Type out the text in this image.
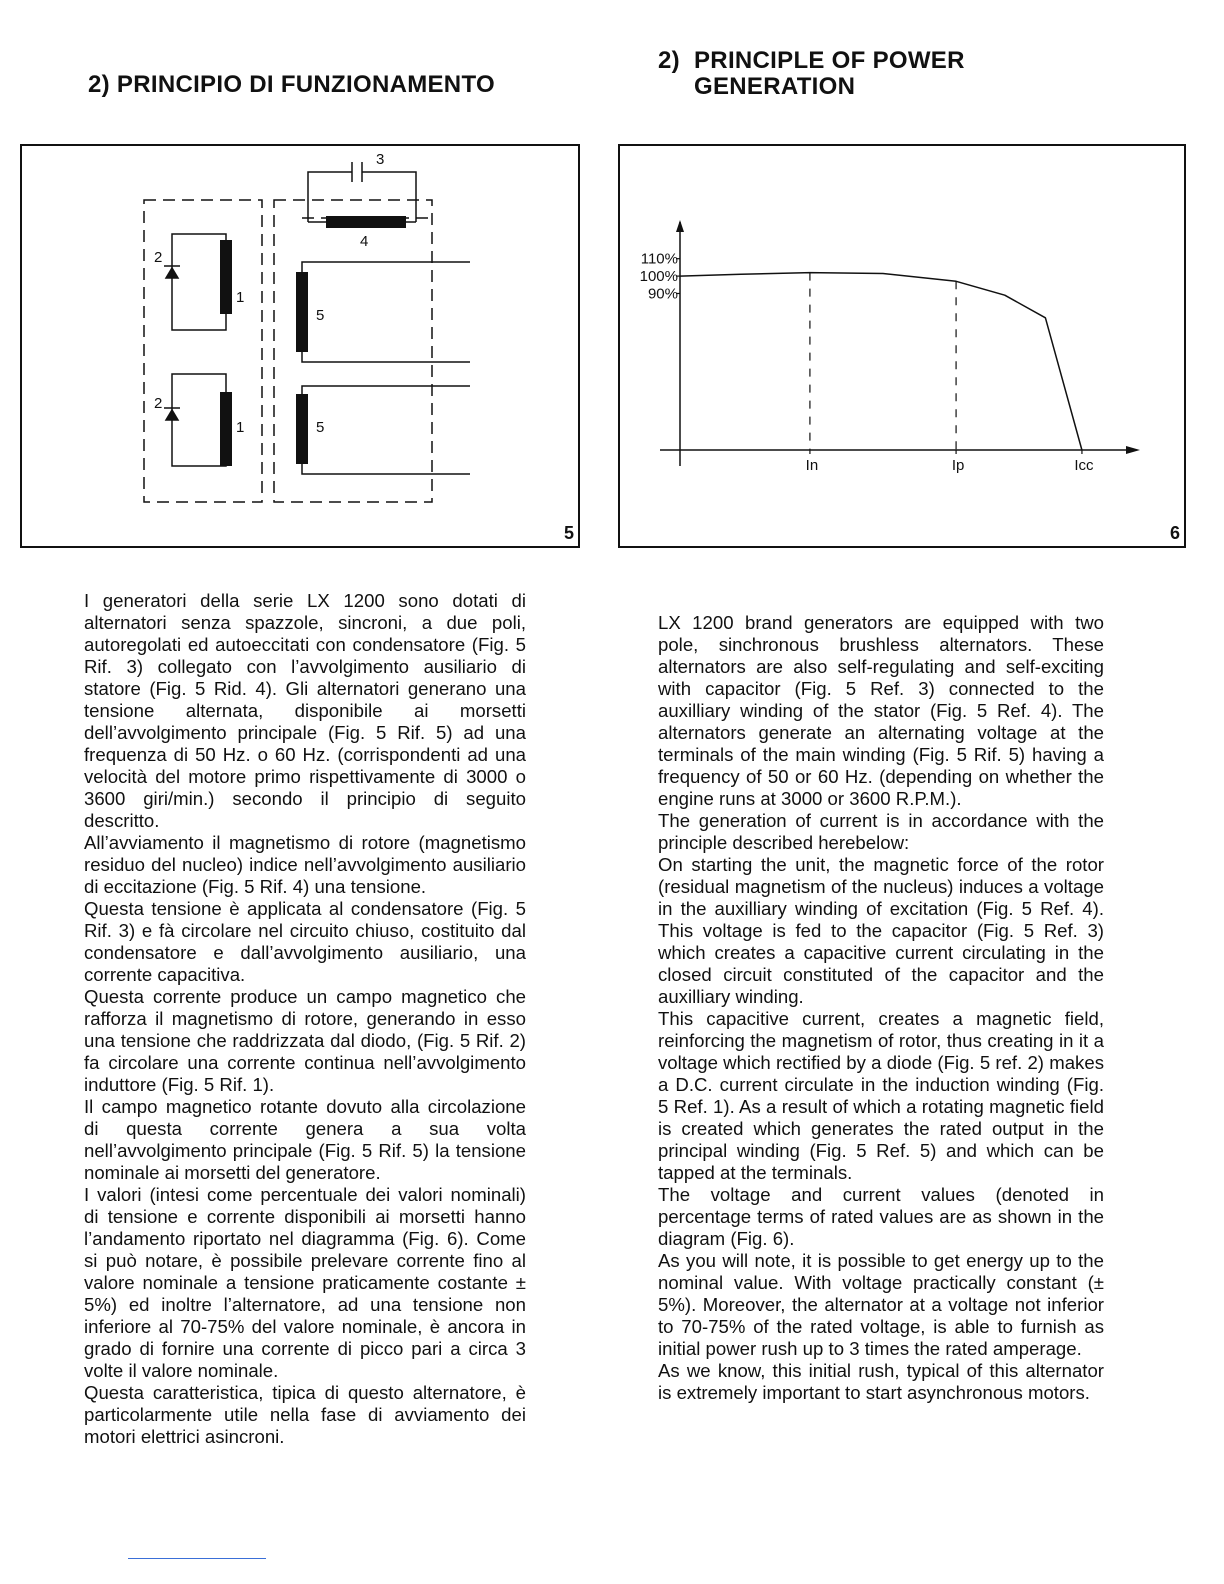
2) PRINCIPIO DI FUNZIONAMENTO
2) PRINCIPLE OF POWER
GENERATION
3
4
2
2
1
1
5
5
5
110%
100%
90%
In	Ip	Icc
6

I generatori della serie LX 1200 sono dotati di alternatori senza spazzole, sincroni, a due poli, autoregolati ed autoeccitati con condensatore (Fig. 5 Rif. 3) collegato con l’avvolgimento ausiliario di statore (Fig. 5 Rid. 4). Gli alternatori generano una tensione alternata, disponibile ai morsetti dell’avvolgimento principale (Fig. 5 Rif. 5) ad una frequenza di 50 Hz. o 60 Hz. (corrispondenti ad una velocità del motore primo rispettivamente di 3000 o 3600 giri/min.) secondo il principio di seguito descritto.

All’avviamento il magnetismo di rotore (magnetismo residuo del nucleo) indice nell’avvolgimento ausiliario di eccitazione (Fig. 5 Rif. 4) una tensione.

Questa tensione è applicata al condensatore (Fig. 5 Rif. 3) e fà circolare nel circuito chiuso, costituito dal condensatore e dall’avvolgimento ausiliario, una corrente capacitiva.

Questa corrente produce un campo magnetico che rafforza il magnetismo di rotore, generando in esso una tensione che raddrizzata dal diodo, (Fig. 5 Rif. 2) fa circolare una corrente continua nell’avvolgimento induttore (Fig. 5 Rif. 1).

Il campo magnetico rotante dovuto alla circolazione di questa corrente genera a sua volta nell’avvolgimento principale (Fig. 5 Rif. 5) la tensione nominale ai morsetti del generatore.

I valori (intesi come percentuale dei valori nominali) di tensione e corrente disponibili ai morsetti hanno l’andamento riportato nel diagramma (Fig. 6). Come si può notare, è possibile prelevare corrente fino al valore nominale a tensione praticamente costante ± 5%) ed inoltre l’alternatore, ad una tensione non inferiore al 70-75% del valore nominale, è ancora in grado di fornire una corrente di picco pari a circa 3 volte il valore nominale.

Questa caratteristica, tipica di questo alternatore, è particolarmente utile nella fase di avviamento dei motori elettrici asincroni.

LX 1200 brand generators are equipped with two pole, sinchronous brushless alternators. These alternators are also self-regulating and self-exciting with capacitor (Fig. 5 Ref. 3) connected to the auxilliary winding of the stator (Fig. 5 Ref. 4). The alternators generate an alternating voltage at the terminals of the main winding (Fig. 5 Rif. 5) having a frequency of 50 or 60 Hz. (depending on whether the engine runs at 3000 or 3600 R.P.M.).

The generation of current is in accordance with the principle described herebelow:

On starting the unit, the magnetic force of the rotor (residual magnetism of the nucleus) induces a voltage in the auxilliary winding of excitation (Fig. 5 Ref. 4). This voltage is fed to the capacitor (Fig. 5 Ref. 3) which creates a capacitive current circulating in the closed circuit constituted of the capacitor and the auxilliary winding.

This capacitive current, creates a magnetic field, reinforcing the magnetism of rotor, thus creating in it a voltage which rectified by a diode (Fig. 5 ref. 2) makes a D.C. current circulate in the induction winding (Fig. 5 Ref. 1). As a result of which a rotating magnetic field is created which generates the rated output in the principal winding (Fig. 5 Ref. 5) and which can be tapped at the terminals.

The voltage and current values (denoted in percentage terms of rated values are as shown in the diagram (Fig. 6).

As you will note, it is possible to get energy up to the nominal value. With voltage practically constant (± 5%). Moreover, the alternator at a voltage not inferior to 70-75% of the rated voltage, is able to furnish as initial power rush up to 3 times the rated amperage.

As we know, this initial rush, typical of this alternator is extremely important to start asynchronous motors.
